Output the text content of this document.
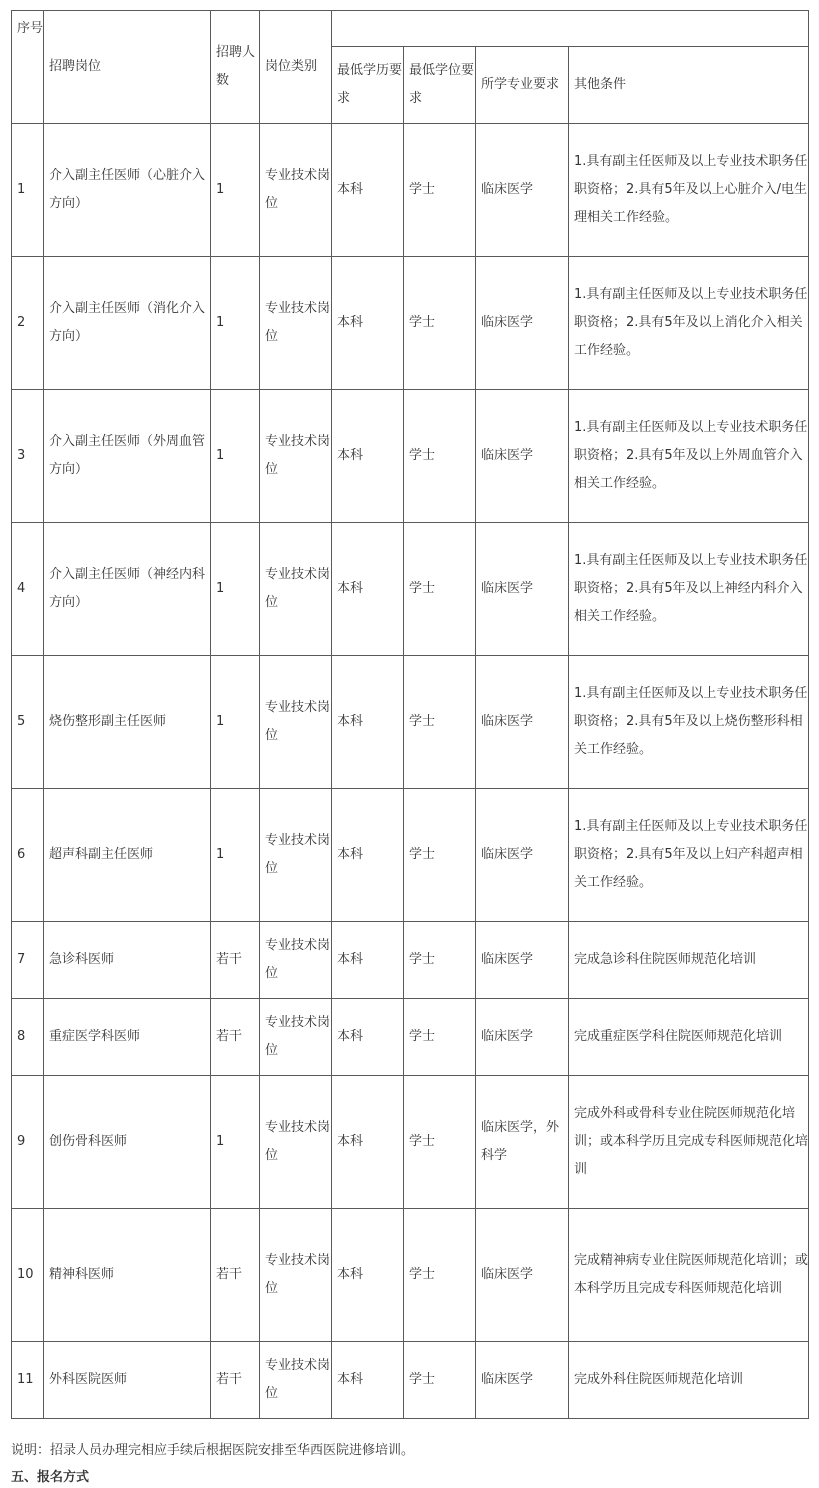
序号	招聘岗位	招聘人数	岗位类别				
				最低学历要求	最低学位要求	所学专业要求	其他条件
1	介入副主任医师（心脏介入方向）	1	专业技术岗位	本科	学士	临床医学	1.具有副主任医师及以上专业技术职务任职资格；2.具有5年及以上心脏介入/电生理相关工作经验。
2	介入副主任医师（消化介入方向）	1	专业技术岗位	本科	学士	临床医学	1.具有副主任医师及以上专业技术职务任职资格；2.具有5年及以上消化介入相关工作经验。
3	介入副主任医师（外周血管方向）	1	专业技术岗位	本科	学士	临床医学	1.具有副主任医师及以上专业技术职务任职资格；2.具有5年及以上外周血管介入相关工作经验。
4	介入副主任医师（神经内科方向）	1	专业技术岗位	本科	学士	临床医学	1.具有副主任医师及以上专业技术职务任职资格；2.具有5年及以上神经内科介入相关工作经验。
5	烧伤整形副主任医师	1	专业技术岗位	本科	学士	临床医学	1.具有副主任医师及以上专业技术职务任职资格；2.具有5年及以上烧伤整形科相关工作经验。
6	超声科副主任医师	1	专业技术岗位	本科	学士	临床医学	1.具有副主任医师及以上专业技术职务任职资格；2.具有5年及以上妇产科超声相关工作经验。
7	急诊科医师	若干	专业技术岗位	本科	学士	临床医学	完成急诊科住院医师规范化培训
8	重症医学科医师	若干	专业技术岗位	本科	学士	临床医学	完成重症医学科住院医师规范化培训
9	创伤骨科医师	1	专业技术岗位	本科	学士	临床医学，外科学	完成外科或骨科专业住院医师规范化培训；或本科学历且完成专科医师规范化培训
10	精神科医师	若干	专业技术岗位	本科	学士	临床医学	完成精神病专业住院医师规范化培训；或本科学历且完成专科医师规范化培训
11	外科医院医师	若干	专业技术岗位	本科	学士	临床医学	完成外科住院医师规范化培训
说明：招录人员办理完相应手续后根据医院安排至华西医院进修培训。
五、报名方式
